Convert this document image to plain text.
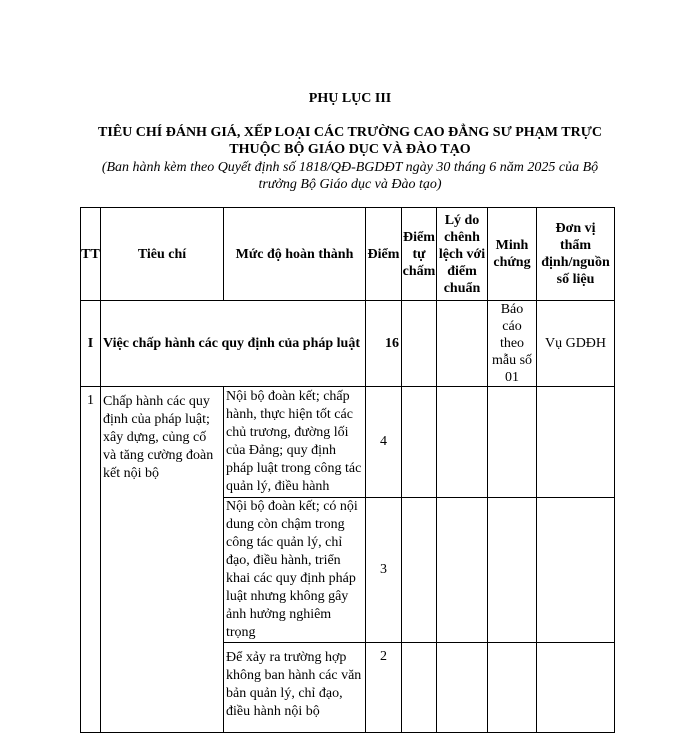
PHỤ LỤC III
TIÊU CHÍ ĐÁNH GIÁ, XẾP LOẠI CÁC TRƯỜNG CAO ĐẲNG SƯ PHẠM TRỰC
THUỘC BỘ GIÁO DỤC VÀ ĐÀO TẠO
(Ban hành kèm theo Quyết định số 1818/QĐ-BGDĐT ngày 30 tháng 6 năm 2025 của Bộ
trưởng Bộ Giáo dục và Đào tạo)
TT	Tiêu chí	Mức độ hoàn thành	Điểm	Điểm tự chấm	Lý do chênh lệch với điểm chuẩn	Minh chứng	Đơn vị thẩm định/nguồn số liệu
I	Việc chấp hành các quy định của pháp luật		16			Báo cáo theo mẫu số 01	Vụ GDĐH
1	Chấp hành các quy định của pháp luật; xây dựng, củng cố và tăng cường đoàn kết nội bộ	Nội bộ đoàn kết; chấp hành, thực hiện tốt các chủ trương, đường lối của Đảng; quy định pháp luật trong công tác quản lý, điều hành	4				
		Nội bộ đoàn kết; có nội dung còn chậm trong công tác quản lý, chỉ đạo, điều hành, triển khai các quy định pháp luật nhưng không gây ảnh hưởng nghiêm trọng	3				
		Để xảy ra trường hợp không ban hành các văn bản quản lý, chỉ đạo, điều hành nội bộ	2				
